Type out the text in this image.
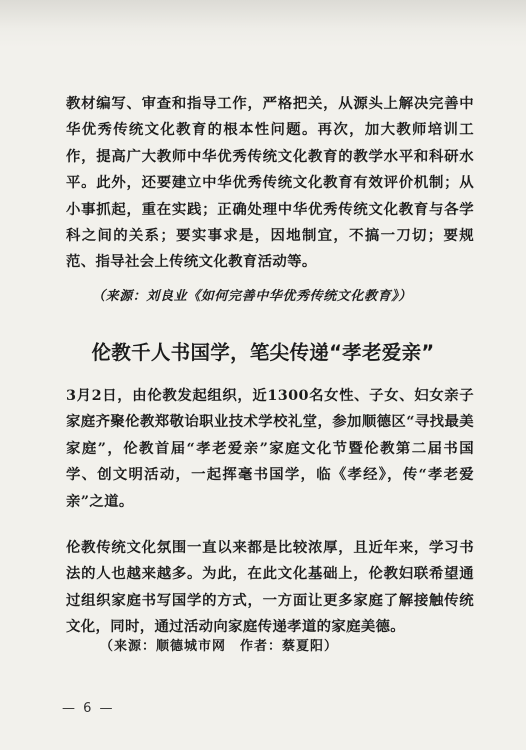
教材编写、审查和指导工作，严格把关，从源头上解决完善中华优秀传统文化教育的根本性问题。再次，加大教师培训工作，提高广大教师中华优秀传统文化教育的教学水平和科研水平。此外，还要建立中华优秀传统文化教育有效评价机制；从小事抓起，重在实践；正确处理中华优秀传统文化教育与各学科之间的关系；要实事求是，因地制宜，不搞一刀切；要规范、指导社会上传统文化教育活动等。

（来源：刘良业《如何完善中华优秀传统文化教育》）

伦教千人书国学，笔尖传递“孝老爱亲”

3月2日，由伦教发起组织，近1300名女性、子女、妇女亲子家庭齐聚伦教郑敬诒职业技术学校礼堂，参加顺德区“寻找最美家庭”，伦教首届“孝老爱亲”家庭文化节暨伦教第二届书国学、创文明活动，一起挥毫书国学，临《孝经》，传“孝老爱亲”之道。

伦教传统文化氛围一直以来都是比较浓厚，且近年来，学习书法的人也越来越多。为此，在此文化基础上，伦教妇联希望通过组织家庭书写国学的方式，一方面让更多家庭了解接触传统文化，同时，通过活动向家庭传递孝道的家庭美德。

（来源：顺德城市网　作者：蔡夏阳）

— 6 —
